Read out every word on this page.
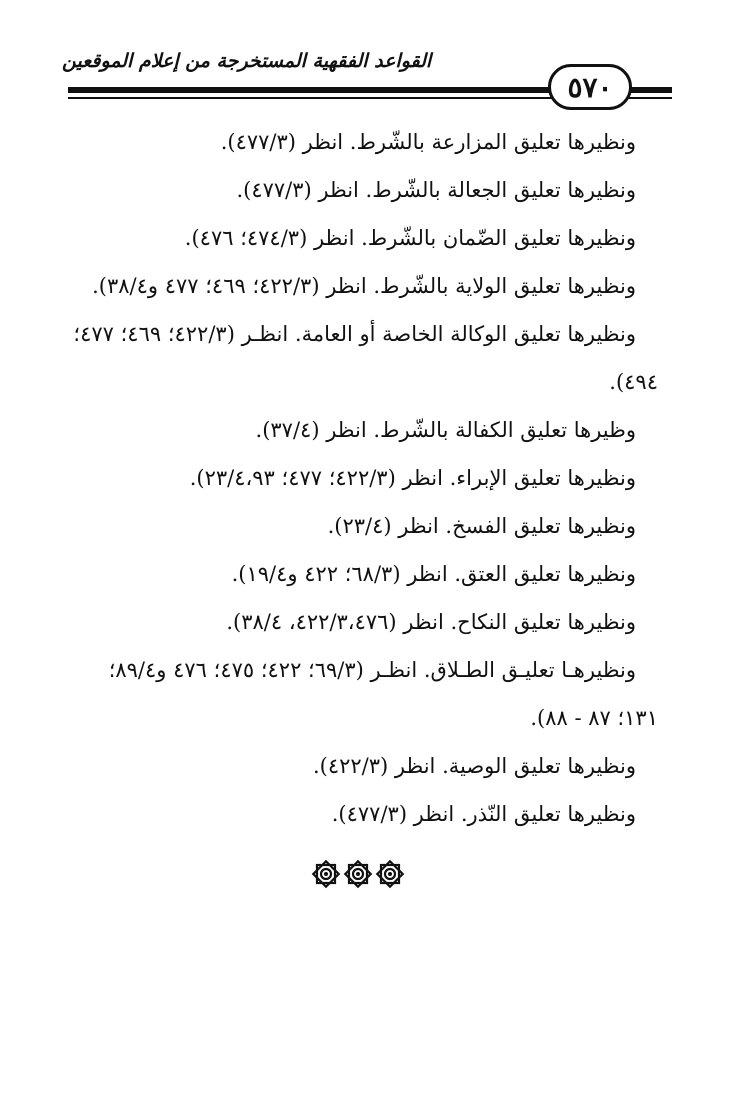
القواعد الفقهية المستخرجة من إعلام الموقعين
٥٧٠
ونظيرها تعليق المزارعة بالشّرط. انظر (٤٧٧/٣).
ونظيرها تعليق الجعالة بالشّرط. انظر (٤٧٧/٣).
ونظيرها تعليق الضّمان بالشّرط. انظر (٤٧٤/٣؛ ٤٧٦).
ونظيرها تعليق الولاية بالشّرط. انظر (٤٢٢/٣؛ ٤٦٩؛ ٤٧٧ و٣٨/٤).
ونظيرها تعليق الوكالة الخاصة أو العامة. انظـر (٤٢٢/٣؛ ٤٦٩؛ ٤٧٧؛
٤٩٤).
وظيرها تعليق الكفالة بالشّرط. انظر (٣٧/٤).
ونظيرها تعليق الإبراء. انظر (٤٢٢/٣؛ ٤٧٧؛ ٢٣/٤،٩٣).
ونظيرها تعليق الفسخ. انظر (٢٣/٤).
ونظيرها تعليق العتق. انظر (٦٨/٣؛ ٤٢٢ و١٩/٤).
ونظيرها تعليق النكاح. انظر (٤٢٢/٣،٤٧٦، ٣٨/٤).
ونظيرهـا تعليـق الطـلاق. انظـر (٦٩/٣؛ ٤٢٢؛ ٤٧٥؛ ٤٧٦ و٨٩/٤؛
١٣١؛ ٨٧ - ٨٨).
ونظيرها تعليق الوصية. انظر (٤٢٢/٣).
ونظيرها تعليق النّذر. انظر (٤٧٧/٣).
